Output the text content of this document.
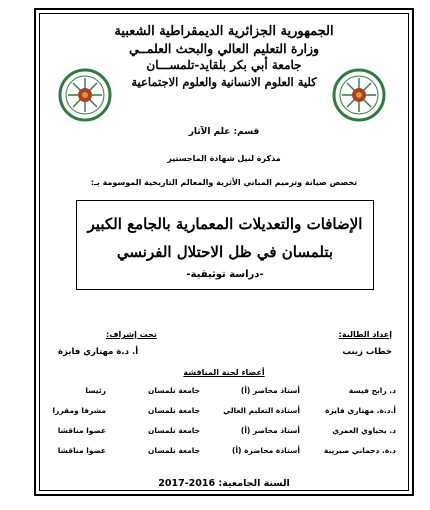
الجمهورية الجزائرية الديمقراطية الشعبية
وزارة التعليم العالي والبحث العلمــي
جامعة أبي بكر بلقايد-تلمســـان
كلية العلوم الانسانية والعلوم الاجتماعية
قسم: علم الآثار
مذكرة لنيل شهادة الماجستير
تخصص صيانة وترميم المباني الأثرية والمعالم التاريخية الموسومة بـ:
الإضافات والتعديلات المعمارية بالجامع الكبير
بتلمسان في ظل الاحتلال الفرنسي
-دراسة توثيقية-
إعداد الطالبة:
خطاب زينب
تحت إشراف:
أ. د.ة مهتاري فايزة
أعضاء لجنة المناقشة
د. رابح فيسة
أستاذ محاضر (أ)
جامعة تلمسان
رئيسا
أ.د.ة. مهتاري فايزة
أستاذة التعليم العالي
جامعة تلمسان
مشرفا ومقررا
د. يحياوي العمري
أستاذ محاضر (أ)
جامعة تلمسان
عضوا مناقشا
د.ة. دحماني صبرينة
أستاذة محاضرة (أ)
جامعة تلمسان
عضوا مناقشا
السنة الجامعية: 2016-2017
